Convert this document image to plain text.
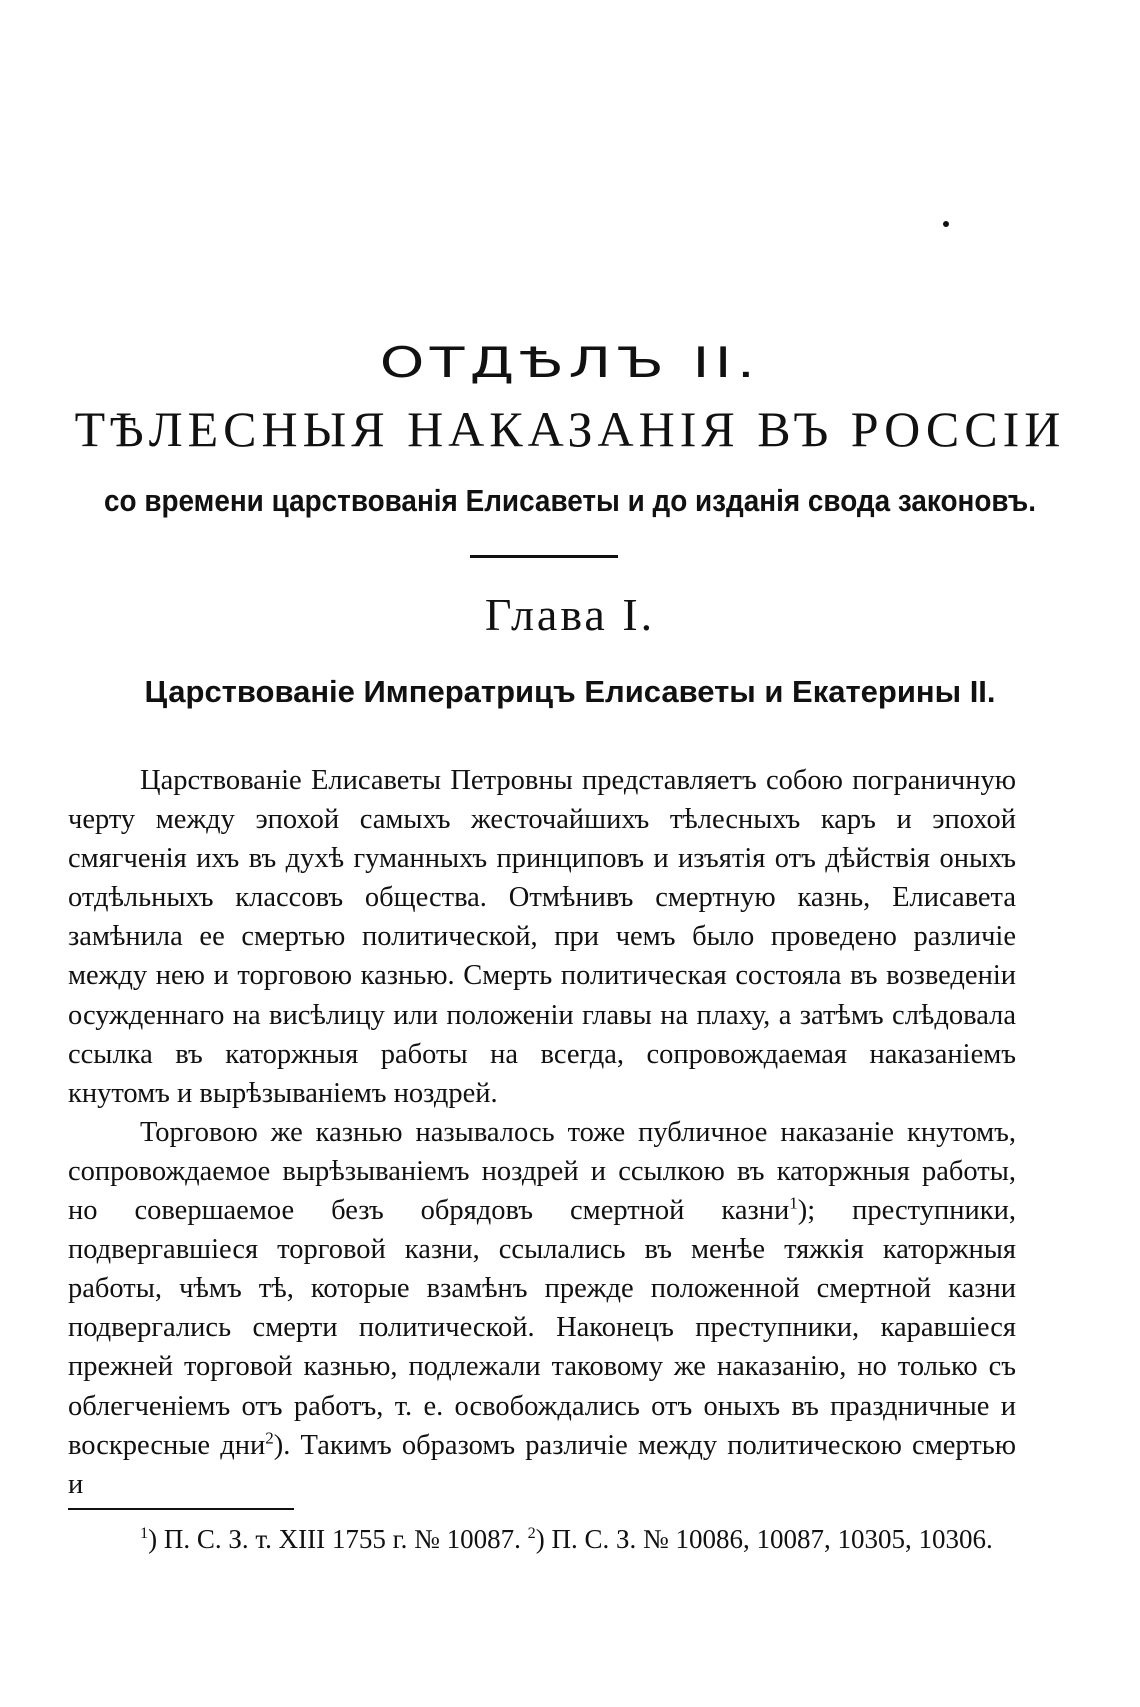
ОТДѢЛЪ II.
ТѢЛЕСНЫЯ НАКАЗАНІЯ ВЪ РОССІИ
со времени царствованія Елисаветы и до изданія свода законовъ.
Глава I.
Царствованіе Императрицъ Елисаветы и Екатерины II.

Царствованіе Елисаветы Петровны представляетъ собою пограничную черту между эпохой самыхъ жесточайшихъ тѣлесныхъ каръ и эпохой смягченія ихъ въ духѣ гуманныхъ принциповъ и изъятія отъ дѣйствія оныхъ отдѣльныхъ классовъ общества. Отмѣнивъ смертную казнь, Елисавета замѣнила ее смертью политической, при чемъ было проведено различіе между нею и торговою казнью. Смерть политическая состояла въ возведеніи осужденнаго на висѣлицу или положеніи главы на плаху, а затѣмъ слѣдовала ссылка въ каторжныя работы на всегда, сопровождаемая наказаніемъ кнутомъ и вырѣзываніемъ ноздрей.

Торговою же казнью называлось тоже публичное наказаніе кнутомъ, сопровождаемое вырѣзываніемъ ноздрей и ссылкою въ каторжныя работы, но совершаемое безъ обрядовъ смертной казни$^1$); преступники, подвергавшіеся торговой казни, ссылались въ менѣе тяжкія каторжныя работы, чѣмъ тѣ, которые взамѣнъ прежде положенной смертной казни подвергались смерти политической. Наконецъ преступники, каравшіеся прежней торговой казнью, подлежали таковому же наказанію, но только съ облегченіемъ отъ работъ, т. е. освобождались отъ оныхъ въ праздничные и воскресные дни$^2$). Такимъ образомъ различіе между политическою смертью и

$^1$) П. С. З. т. XIII 1755 г. № 10087. $^2$) П. С. З. № 10086, 10087, 10305, 10306.
